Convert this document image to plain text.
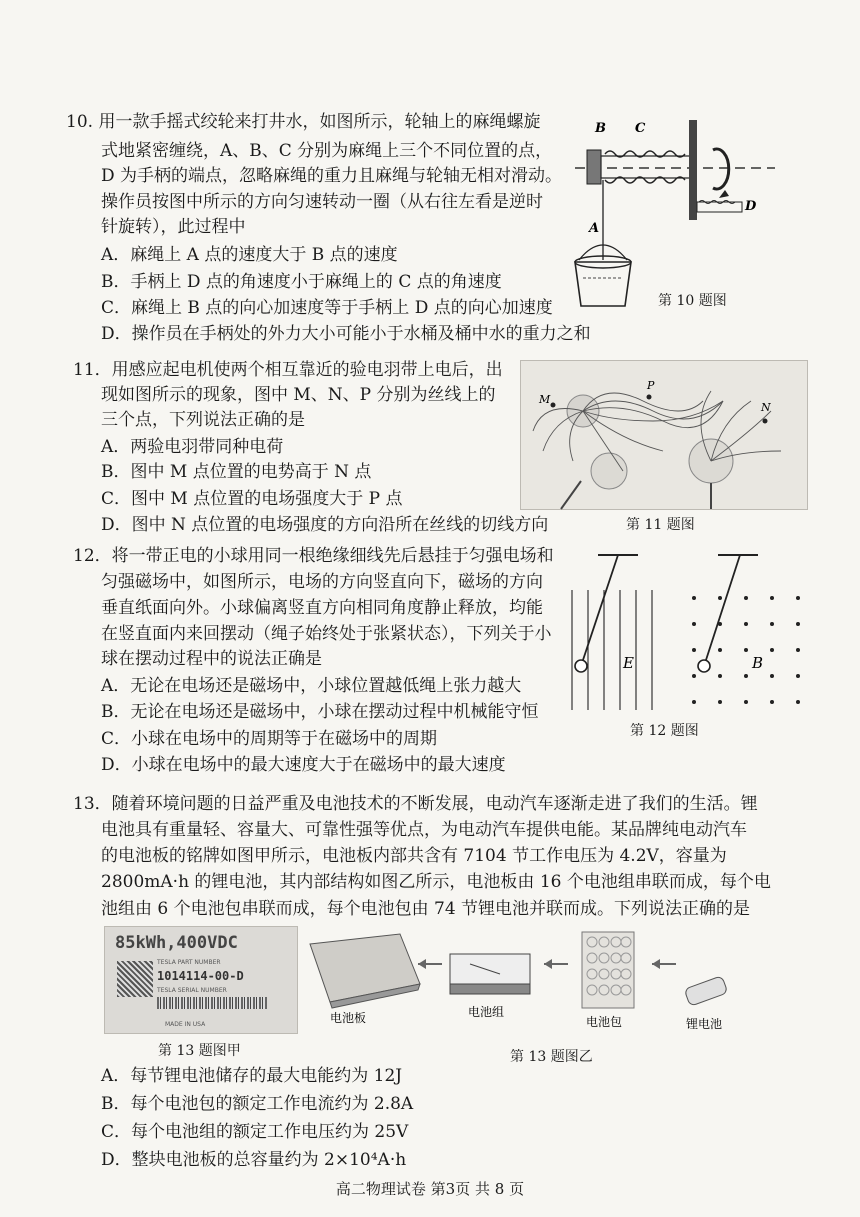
10. 用一款手摇式绞轮来打井水，如图所示，轮轴上的麻绳螺旋
式地紧密缠绕，A、B、C 分别为麻绳上三个不同位置的点，
D 为手柄的端点，忽略麻绳的重力且麻绳与轮轴无相对滑动。
操作员按图中所示的方向匀速转动一圈（从右往左看是逆时
针旋转），此过程中
A．麻绳上 A 点的速度大于 B 点的速度
B．手柄上 D 点的角速度小于麻绳上的 C 点的角速度
C．麻绳上 B 点的向心加速度等于手柄上 D 点的向心加速度
D．操作员在手柄处的外力大小可能小于水桶及桶中水的重力之和
B C
A
D
第 10 题图
11．用感应起电机使两个相互靠近的验电羽带上电后，出
现如图所示的现象，图中 M、N、P 分别为丝线上的
三个点，下列说法正确的是
A．两验电羽带同种电荷
B．图中 M 点位置的电势高于 N 点
C．图中 M 点位置的电场强度大于 P 点
D．图中 N 点位置的电场强度的方向沿所在丝线的切线方向
M
P
N
第 11 题图
12．将一带正电的小球用同一根绝缘细线先后悬挂于匀强电场和
匀强磁场中，如图所示，电场的方向竖直向下，磁场的方向
垂直纸面向外。小球偏离竖直方向相同角度静止释放，均能
在竖直面内来回摆动（绳子始终处于张紧状态），下列关于小
球在摆动过程中的说法正确是
A．无论在电场还是磁场中，小球位置越低绳上张力越大
B．无论在电场还是磁场中，小球在摆动过程中机械能守恒
C．小球在电场中的周期等于在磁场中的周期
D．小球在电场中的最大速度大于在磁场中的最大速度
E	B
第 12 题图
13．随着环境问题的日益严重及电池技术的不断发展，电动汽车逐渐走进了我们的生活。锂
电池具有重量轻、容量大、可靠性强等优点，为电动汽车提供电能。某品牌纯电动汽车
的电池板的铭牌如图甲所示，电池板内部共含有 7104 节工作电压为 4.2V，容量为
2800mA·h 的锂电池，其内部结构如图乙所示，电池板由 16 个电池组串联而成，每个电
池组由 6 个电池包串联而成，每个电池包由 74 节锂电池并联而成。下列说法正确的是
85kWh,400VDC
TESLA PART NUMBER
1014114-00-D
TESLA SERIAL NUMBER
MADE IN USA
第 13 题图甲
电池板	电池组
电池包	锂电池
第 13 题图乙
A．每节锂电池储存的最大电能约为 12J
B．每个电池包的额定工作电流约为 2.8A
C．每个电池组的额定工作电压约为 25V
D．整块电池板的总容量约为 2×10⁴A·h
高二物理试卷 第3页 共 8 页
